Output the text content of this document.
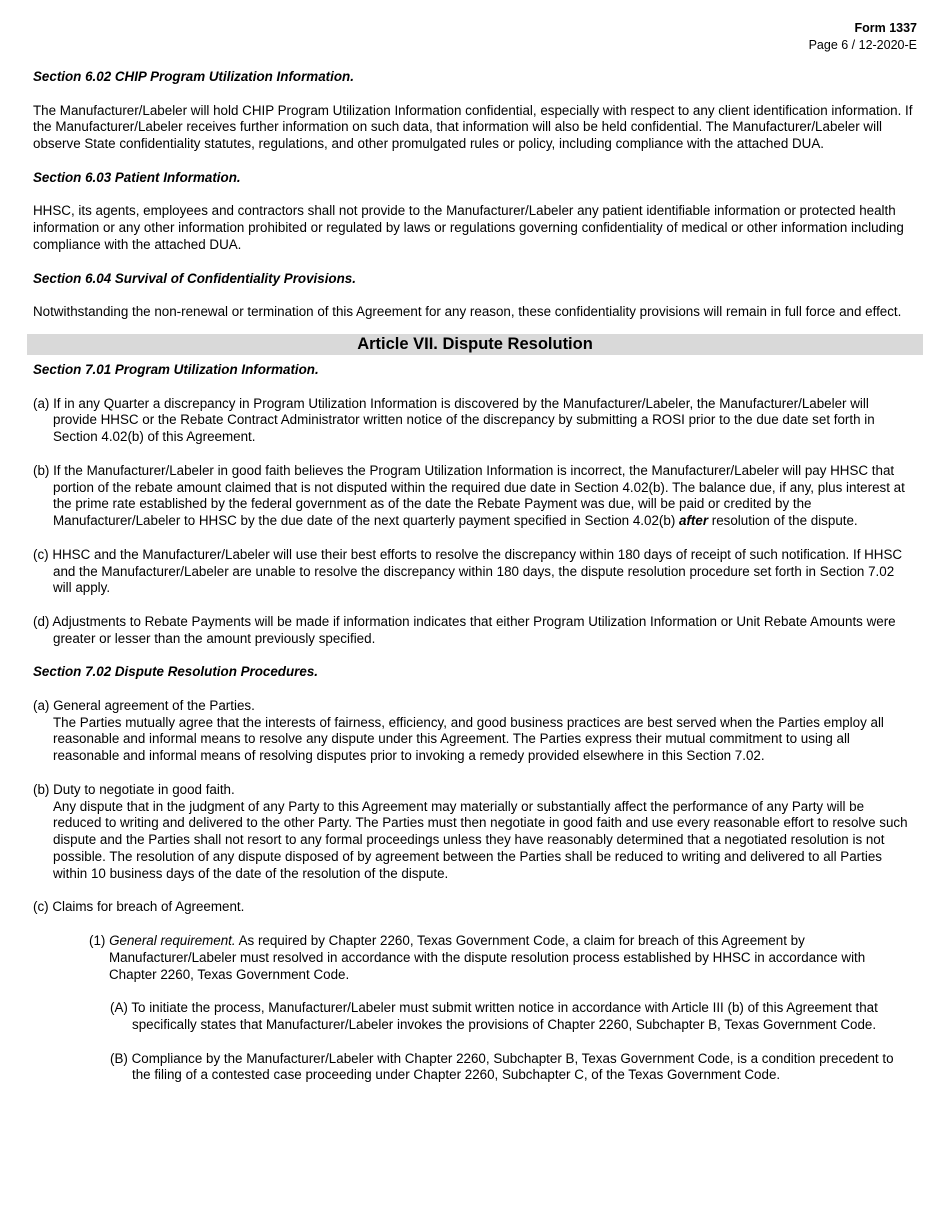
Form 1337
Page 6 / 12-2020-E

Section 6.02 CHIP Program Utilization Information.

The Manufacturer/Labeler will hold CHIP Program Utilization Information confidential, especially with respect to any client identification information. If the Manufacturer/Labeler receives further information on such data, that information will also be held confidential. The Manufacturer/Labeler will observe State confidentiality statutes, regulations, and other promulgated rules or policy, including compliance with the attached DUA.

Section 6.03 Patient Information.

HHSC, its agents, employees and contractors shall not provide to the Manufacturer/Labeler any patient identifiable information or protected health information or any other information prohibited or regulated by laws or regulations governing confidentiality of medical or other information including compliance with the attached DUA.

Section 6.04 Survival of Confidentiality Provisions.

Notwithstanding the non-renewal or termination of this Agreement for any reason, these confidentiality provisions will remain in full force and effect.

Article VII. Dispute Resolution

Section 7.01 Program Utilization Information.

(a) If in any Quarter a discrepancy in Program Utilization Information is discovered by the Manufacturer/Labeler, the Manufacturer/Labeler will provide HHSC or the Rebate Contract Administrator written notice of the discrepancy by submitting a ROSI prior to the due date set forth in Section 4.02(b) of this Agreement.

(b) If the Manufacturer/Labeler in good faith believes the Program Utilization Information is incorrect, the Manufacturer/Labeler will pay HHSC that portion of the rebate amount claimed that is not disputed within the required due date in Section 4.02(b). The balance due, if any, plus interest at the prime rate established by the federal government as of the date the Rebate Payment was due, will be paid or credited by the Manufacturer/Labeler to HHSC by the due date of the next quarterly payment specified in Section 4.02(b) after resolution of the dispute.

(c) HHSC and the Manufacturer/Labeler will use their best efforts to resolve the discrepancy within 180 days of receipt of such notification. If HHSC and the Manufacturer/Labeler are unable to resolve the discrepancy within 180 days, the dispute resolution procedure set forth in Section 7.02 will apply.

(d) Adjustments to Rebate Payments will be made if information indicates that either Program Utilization Information or Unit Rebate Amounts were greater or lesser than the amount previously specified.

Section 7.02 Dispute Resolution Procedures.

(a) General agreement of the Parties.

The Parties mutually agree that the interests of fairness, efficiency, and good business practices are best served when the Parties employ all reasonable and informal means to resolve any dispute under this Agreement. The Parties express their mutual commitment to using all reasonable and informal means of resolving disputes prior to invoking a remedy provided elsewhere in this Section 7.02.

(b) Duty to negotiate in good faith.

Any dispute that in the judgment of any Party to this Agreement may materially or substantially affect the performance of any Party will be reduced to writing and delivered to the other Party. The Parties must then negotiate in good faith and use every reasonable effort to resolve such dispute and the Parties shall not resort to any formal proceedings unless they have reasonably determined that a negotiated resolution is not possible. The resolution of any dispute disposed of by agreement between the Parties shall be reduced to writing and delivered to all Parties within 10 business days of the date of the resolution of the dispute.

(c) Claims for breach of Agreement.

(1) General requirement. As required by Chapter 2260, Texas Government Code, a claim for breach of this Agreement by Manufacturer/Labeler must resolved in accordance with the dispute resolution process established by HHSC in accordance with Chapter 2260, Texas Government Code.

(A) To initiate the process, Manufacturer/Labeler must submit written notice in accordance with Article III (b) of this Agreement that specifically states that Manufacturer/Labeler invokes the provisions of Chapter 2260, Subchapter B, Texas Government Code.

(B) Compliance by the Manufacturer/Labeler with Chapter 2260, Subchapter B, Texas Government Code, is a condition precedent to the filing of a contested case proceeding under Chapter 2260, Subchapter C, of the Texas Government Code.
